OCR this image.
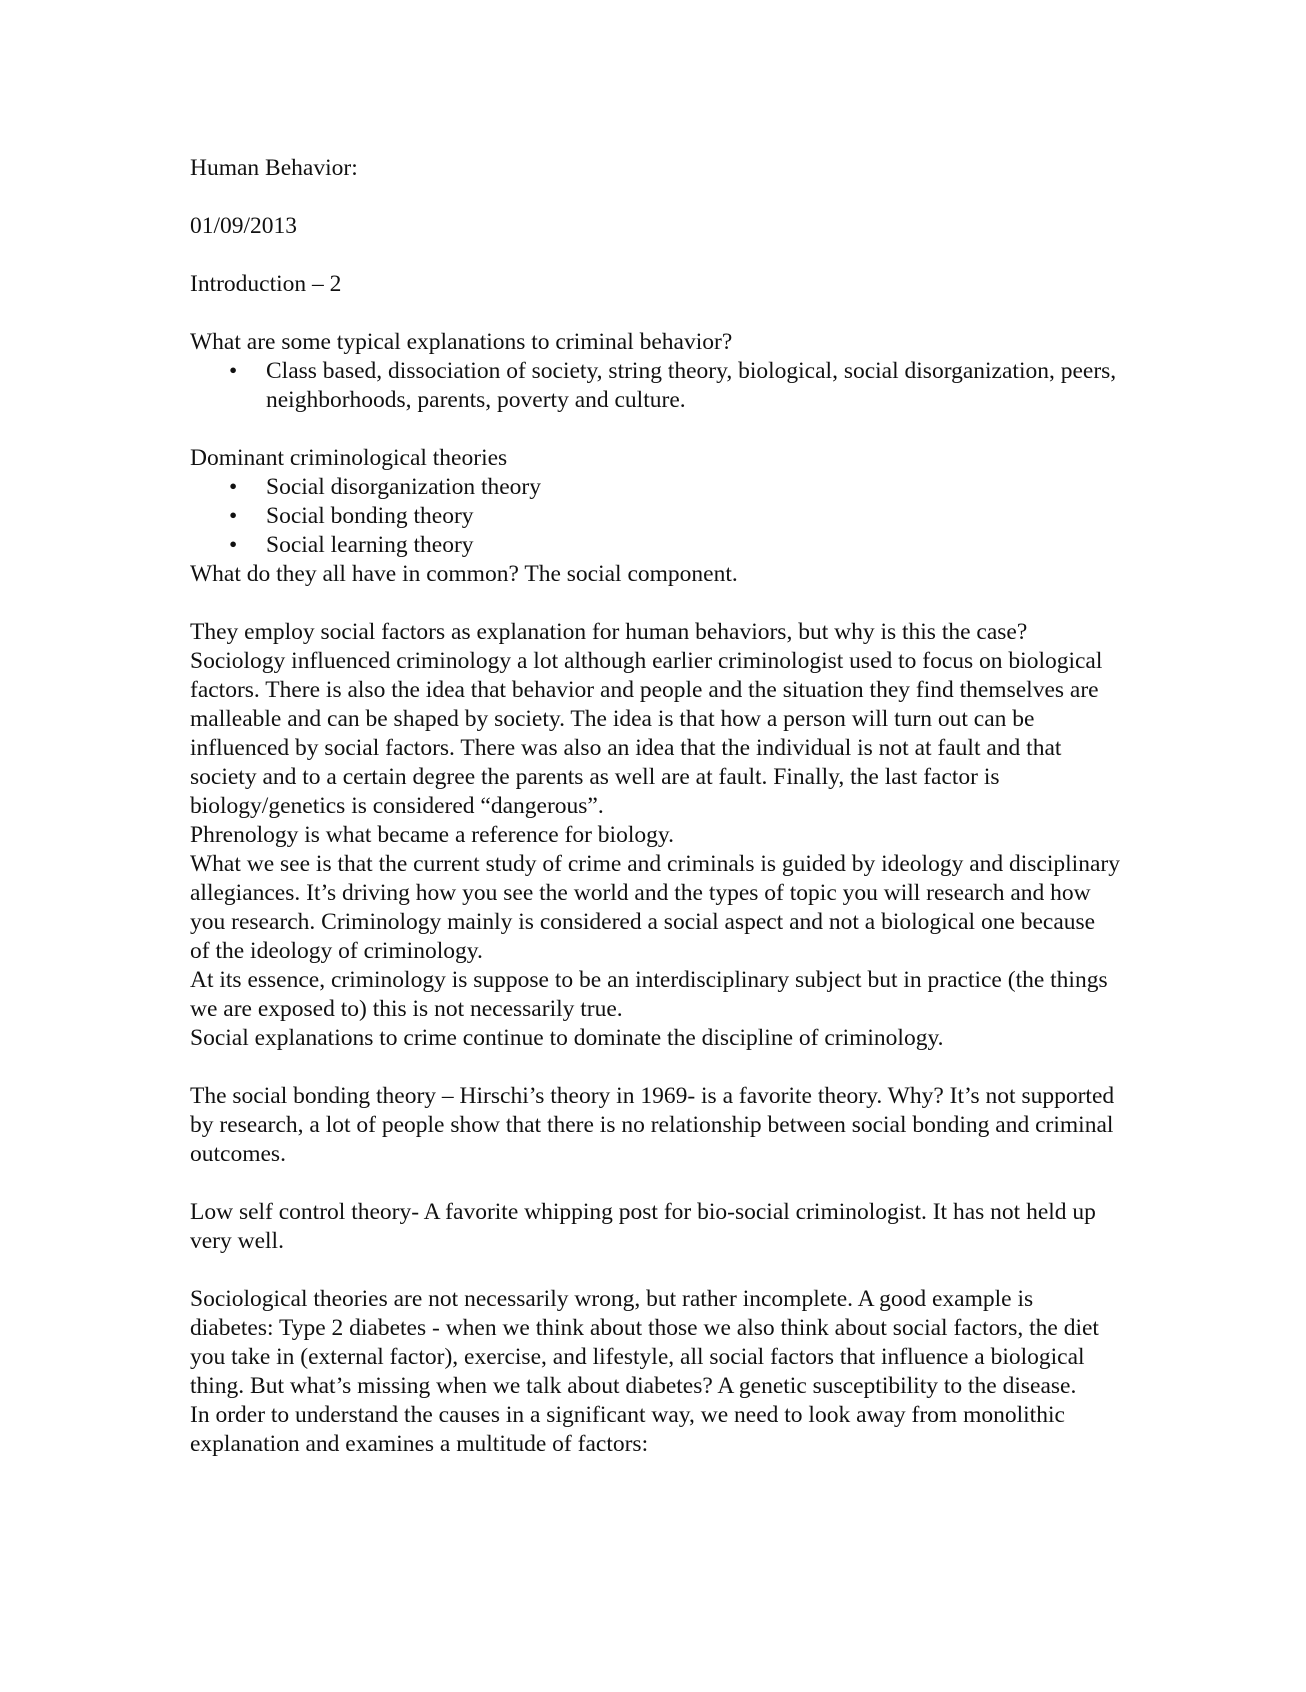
Human Behavior:

01/09/2013

Introduction – 2

What are some typical explanations to criminal behavior?

• Class based, dissociation of society, string theory, biological, social disorganization, peers, neighborhoods, parents, poverty and culture.

Dominant criminological theories

• Social disorganization theory
• Social bonding theory
• Social learning theory

What do they all have in common? The social component.

They employ social factors as explanation for human behaviors, but why is this the case? Sociology influenced criminology a lot although earlier criminologist used to focus on biological factors. There is also the idea that behavior and people and the situation they find themselves are malleable and can be shaped by society. The idea is that how a person will turn out can be influenced by social factors. There was also an idea that the individual is not at fault and that society and to a certain degree the parents as well are at fault. Finally, the last factor is biology/genetics is considered “dangerous”.

Phrenology is what became a reference for biology.

What we see is that the current study of crime and criminals is guided by ideology and disciplinary allegiances. It’s driving how you see the world and the types of topic you will research and how you research. Criminology mainly is considered a social aspect and not a biological one because of the ideology of criminology.

At its essence, criminology is suppose to be an interdisciplinary subject but in practice (the things we are exposed to) this is not necessarily true.

Social explanations to crime continue to dominate the discipline of criminology.

The social bonding theory – Hirschi’s theory in 1969- is a favorite theory. Why? It’s not supported by research, a lot of people show that there is no relationship between social bonding and criminal outcomes.

Low self control theory- A favorite whipping post for bio-social criminologist. It has not held up very well.

Sociological theories are not necessarily wrong, but rather incomplete. A good example is diabetes: Type 2 diabetes - when we think about those we also think about social factors, the diet you take in (external factor), exercise, and lifestyle, all social factors that influence a biological thing. But what’s missing when we talk about diabetes? A genetic susceptibility to the disease.

In order to understand the causes in a significant way, we need to look away from monolithic explanation and examines a multitude of factors:
